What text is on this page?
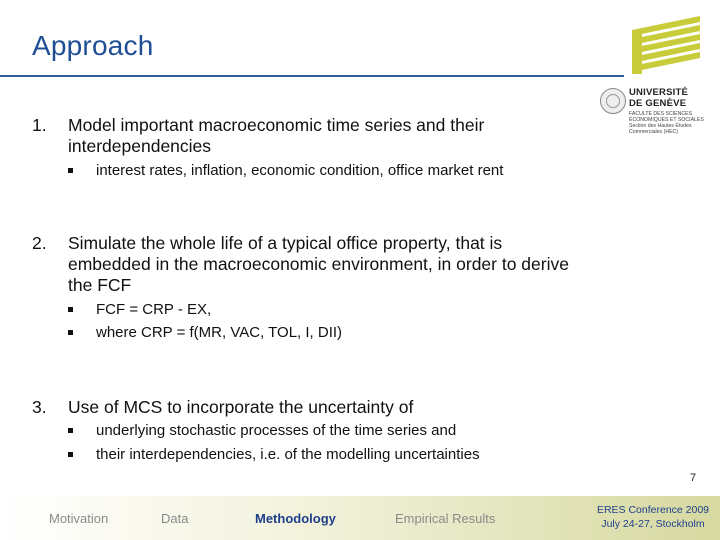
Approach
UNIVERSITÉ
DE GENÈVE
FACULTÉ DES SCIENCES ÉCONOMIQUES ET SOCIALES Section des Hautes Études Commerciales (HEC)
1. Model important macroeconomic time series and their interdependencies
interest rates, inflation, economic condition, office market rent
2. Simulate the whole life of a typical office property, that is embedded in the macroeconomic environment, in order to derive the FCF
FCF = CRP - EX,
where CRP = f(MR, VAC, TOL, I, DII)
3. Use of MCS to incorporate the uncertainty of
underlying stochastic processes of the time series and
their interdependencies, i.e. of the modelling uncertainties
7
Motivation	Data	Methodology	Empirical Results
ERES Conference 2009
July 24-27, Stockholm
